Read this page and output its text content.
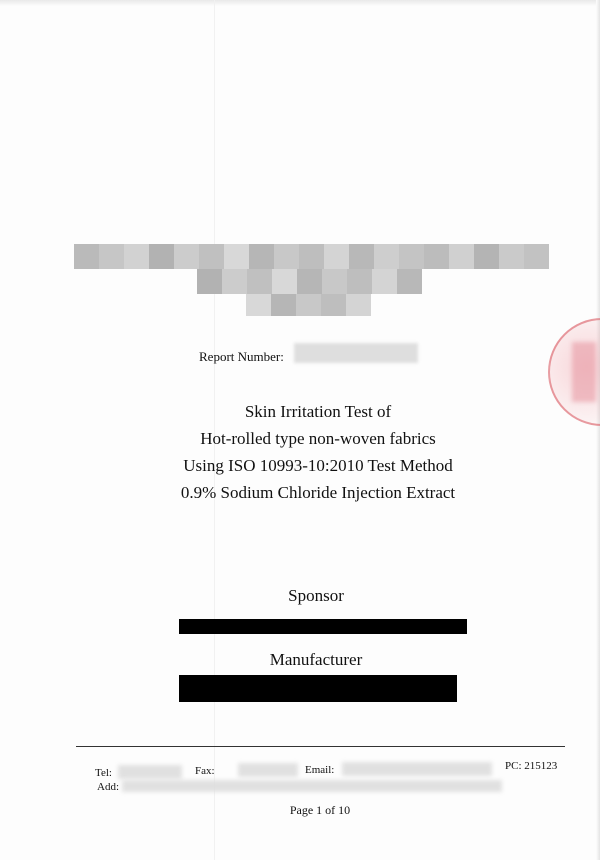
Report Number:
Skin Irritation Test of
Hot-rolled type non-woven fabrics
Using ISO 10993-10:2010 Test Method
0.9% Sodium Chloride Injection Extract
Sponsor
Manufacturer
Tel:	Fax:	Email:	PC: 215123
Add:
Page 1 of 10
